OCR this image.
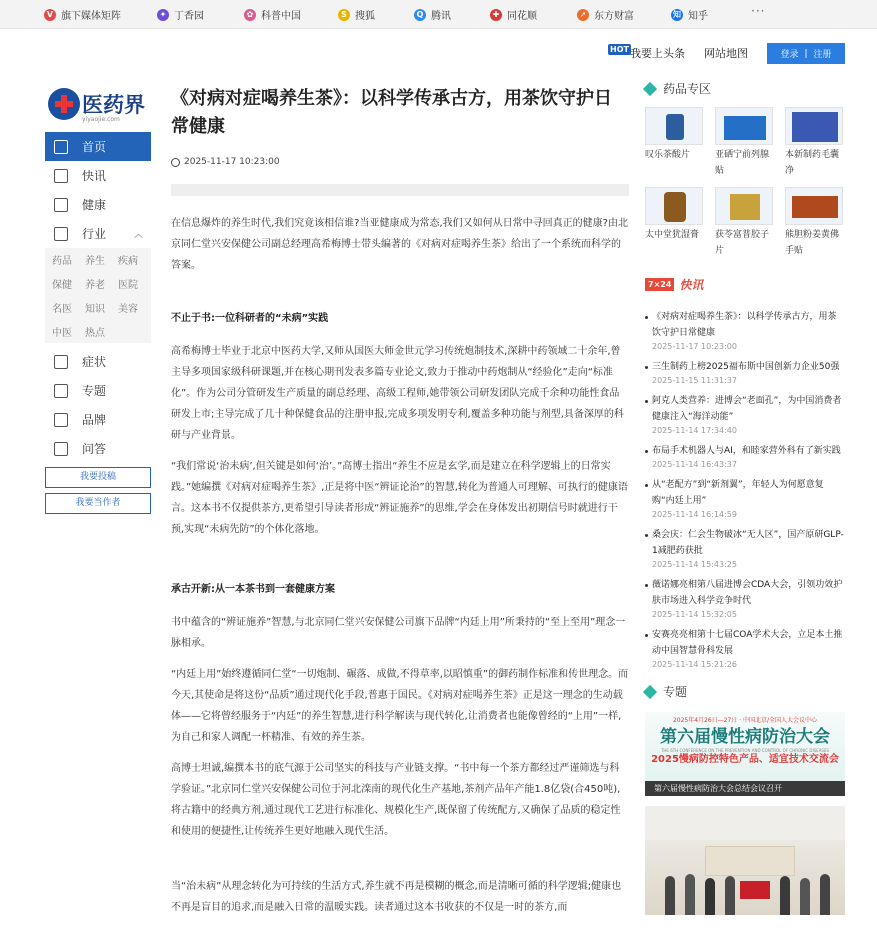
V 旗下媒体矩阵	✦ 丁香园	✿ 科普中国	S 搜狐	Q 腾讯	✚ 同花顺	➚ 东方财富	知 知乎	···
HOT 我要上头条 网站地图	登录 | 注册
医药界
yiyaojie.com
首页
快讯
健康
行业	︿
药品	养生	疾病
保健	养老	医院
名医	知识	美容
中医	热点
症状
专题
品牌
问答
我要投稿
我要当作者
《对病对症喝养生茶》：以科学传承古方，用茶饮守护日常健康
2025-11-17 10:23:00

在信息爆炸的养生时代,我们究竟该相信谁?当亚健康成为常态,我们又如何从日常中寻回真正的健康?由北京同仁堂兴安保健公司副总经理高希梅博士带头编著的《对病对症喝养生茶》给出了一个系统而科学的答案。

不止于书:一位科研者的“未病”实践

高希梅博士毕业于北京中医药大学,又师从国医大师金世元学习传统炮制技术,深耕中药领域二十余年,曾主导多项国家级科研课题,并在核心期刊发表多篇专业论文,致力于推动中药炮制从“经验化”走向“标准化”。作为公司分管研发生产质量的副总经理、高级工程师,她带领公司研发团队完成千余种功能性食品研发上市;主导完成了几十种保健食品的注册申报,完成多项发明专利,覆盖多种功能与剂型,具备深厚的科研与产业背景。

“我们常说‘治未病’,但关键是如何‘治’。”高博士指出“养生不应是玄学,而是建立在科学逻辑上的日常实践。”她编撰《对病对症喝养生茶》,正是将中医“辨证论治”的智慧,转化为普通人可理解、可执行的健康语言。这本书不仅提供茶方,更希望引导读者形成“辨证施养”的思维,学会在身体发出初期信号时就进行干预,实现“未病先防”的个体化落地。

承古开新:从一本茶书到一套健康方案

书中蕴含的“辨证施养”智慧,与北京同仁堂兴安保健公司旗下品牌“内廷上用”所秉持的“至上至用”理念一脉相承。

“内廷上用”始终遵循同仁堂“一切炮制、碾落、成做,不得草率,以昭慎重”的御药制作标准和传世理念。而今天,其使命是将这份“品质”通过现代化手段,普惠于国民。《对病对症喝养生茶》正是这一理念的生动载体——它将曾经服务于“内廷”的养生智慧,进行科学解读与现代转化,让消费者也能像曾经的“上用”一样,为自己和家人调配一杯精准、有效的养生茶。

高博士坦诚,编撰本书的底气源于公司坚实的科技与产业链支撑。“书中每一个茶方都经过严谨筛选与科学验证。”北京同仁堂兴安保健公司位于河北滦南的现代化生产基地,茶剂产品年产能1.8亿袋(合450吨),将古籍中的经典方剂,通过现代工艺进行标准化、规模化生产,既保留了传统配方,又确保了品质的稳定性和使用的便捷性,让传统养生更好地融入现代生活。

当“治未病”从理念转化为可持续的生活方式,养生就不再是模糊的概念,而是清晰可循的科学逻辑;健康也不再是盲目的追求,而是融入日常的温暖实践。读者通过这本书收获的不仅是一时的茶方,而

药品专区
叹乐茶酸片	亚硒宁前列腺贴
本新制药毛囊净
太中堂犹湿膏	获苓富普胶子片
熊胆粉姜黄佛手贴
7×24 快讯
《对病对症喝养生茶》：以科学传承古方，用茶饮守护日常健康
2025-11-17 10:23:00
三生制药上榜2025福布斯中国创新力企业50强
2025-11-15 11:31:37
阿克人类营养：进博会“老面孔”，为中国消费者健康注入“海洋动能”
2025-11-14 17:34:40
布局手术机器人与AI，和睦家营外科有了新实践
2025-11-14 16:43:37
从“老配方”到“新剂翼”，年轻人为何愿意复购“内廷上用”
2025-11-14 16:14:59
桑会庆：仁会生物破冰“无人区”，国产原研GLP-1减肥药获批
2025-11-14 15:43:25
薇诺娜亮相第八届进博会CDA大会，引领功效护肤市场进入科学竞争时代
2025-11-14 15:32:05
安赛亮亮相第十七届COA学术大会，立足本土推动中国智慧骨科发展
2025-11-14 15:21:26
专题
2025年4月26日—27日 · 中国北京/全国人大会议中心
第六届慢性病防治大会
THE 6TH CONFERENCE ON THE PREVENTION AND CONTROL OF CHRONIC DISEASES
2025慢病防控特色产品、适宜技术交流会
第六届慢性病防治大会总结会议召开
